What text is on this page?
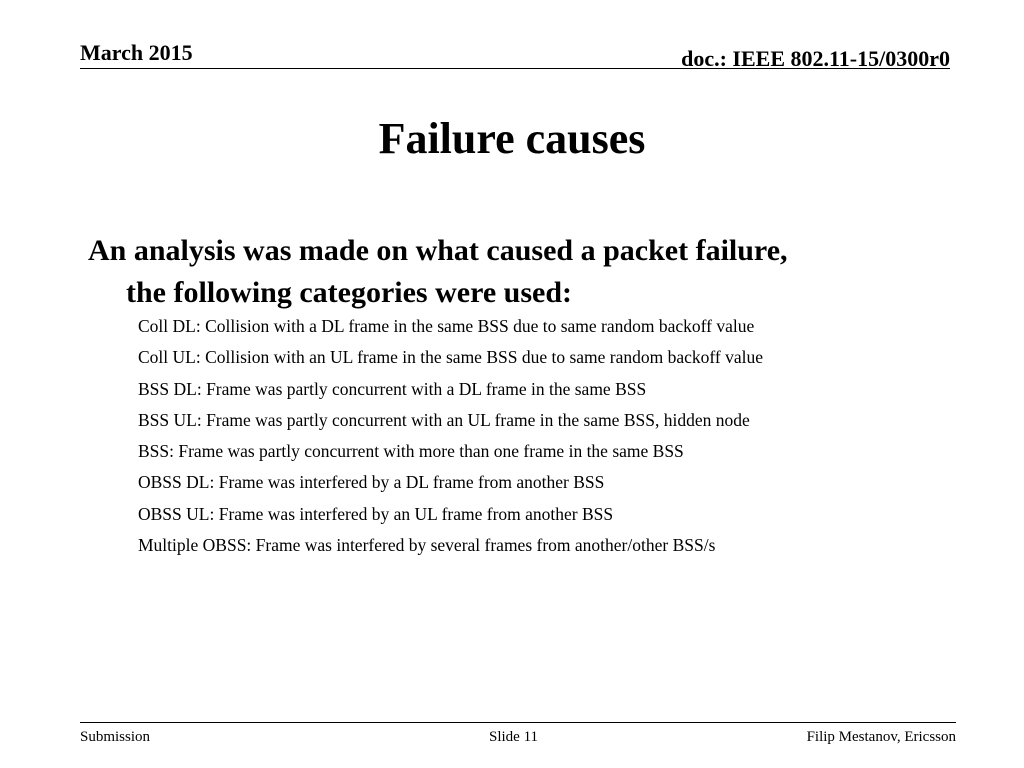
March 2015	doc.: IEEE 802.11-15/0300r0
Failure causes
An analysis was made on what caused a packet failure,
the following categories were used:
Coll DL: Collision with a DL frame in the same BSS due to same random backoff value
Coll UL: Collision with an UL frame in the same BSS due to same random backoff value
BSS DL: Frame was partly concurrent with a DL frame in the same BSS
BSS UL: Frame was partly concurrent with an UL frame in the same BSS, hidden node
BSS: Frame was partly concurrent with more than one frame in the same BSS
OBSS DL: Frame was interfered by a DL frame from another BSS
OBSS UL: Frame was interfered by an UL frame from another BSS
Multiple OBSS: Frame was interfered by several frames from another/other BSS/s
Submission	Slide 11	Filip Mestanov, Ericsson
